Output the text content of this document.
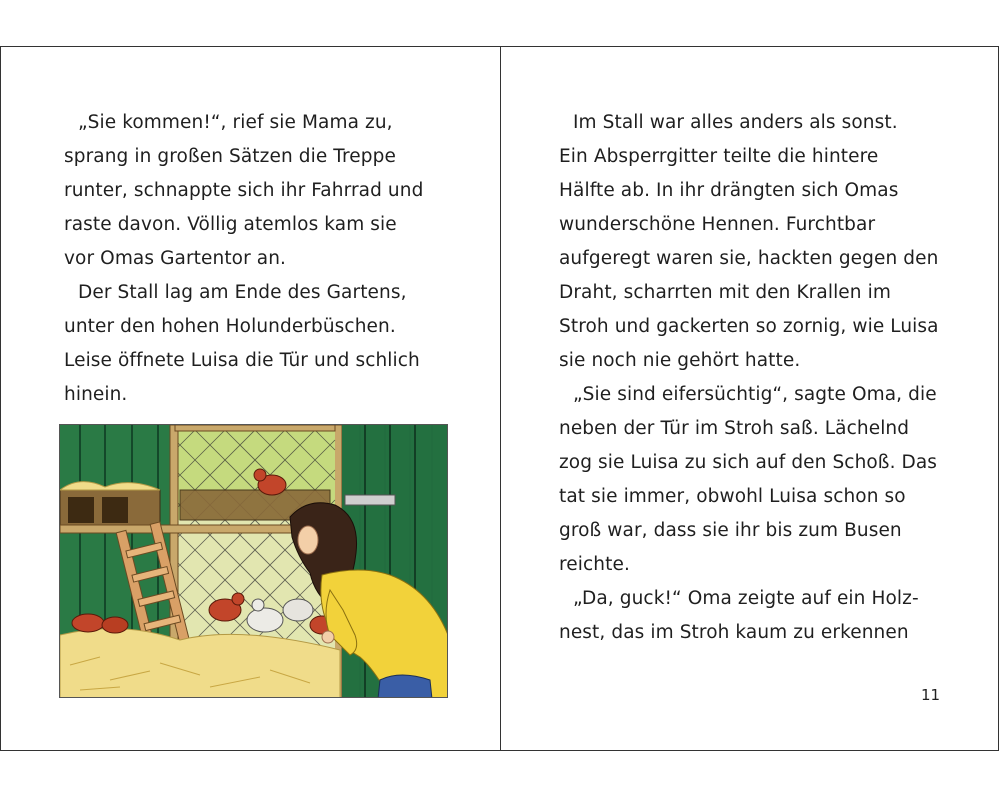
„Sie kommen!“, rief sie Mama zu,
sprang in großen Sätzen die Treppe
runter, schnappte sich ihr Fahrrad und
raste davon. Völlig atemlos kam sie
vor Omas Gartentor an.
Der Stall lag am Ende des Gartens,
unter den hohen Holunderbüschen.
Leise öffnete Luisa die Tür und schlich
hinein.
Im Stall war alles anders als sonst.
Ein Absperrgitter teilte die hintere
Hälfte ab. In ihr drängten sich Omas
wunderschöne Hennen. Furchtbar
aufgeregt waren sie, hackten gegen den
Draht, scharrten mit den Krallen im
Stroh und gackerten so zornig, wie Luisa
sie noch nie gehört hatte.
„Sie sind eifersüchtig“, sagte Oma, die
neben der Tür im Stroh saß. Lächelnd
zog sie Luisa zu sich auf den Schoß. Das
tat sie immer, obwohl Luisa schon so
groß war, dass sie ihr bis zum Busen
reichte.
„Da, guck!“ Oma zeigte auf ein Holz-
nest, das im Stroh kaum zu erkennen
11
